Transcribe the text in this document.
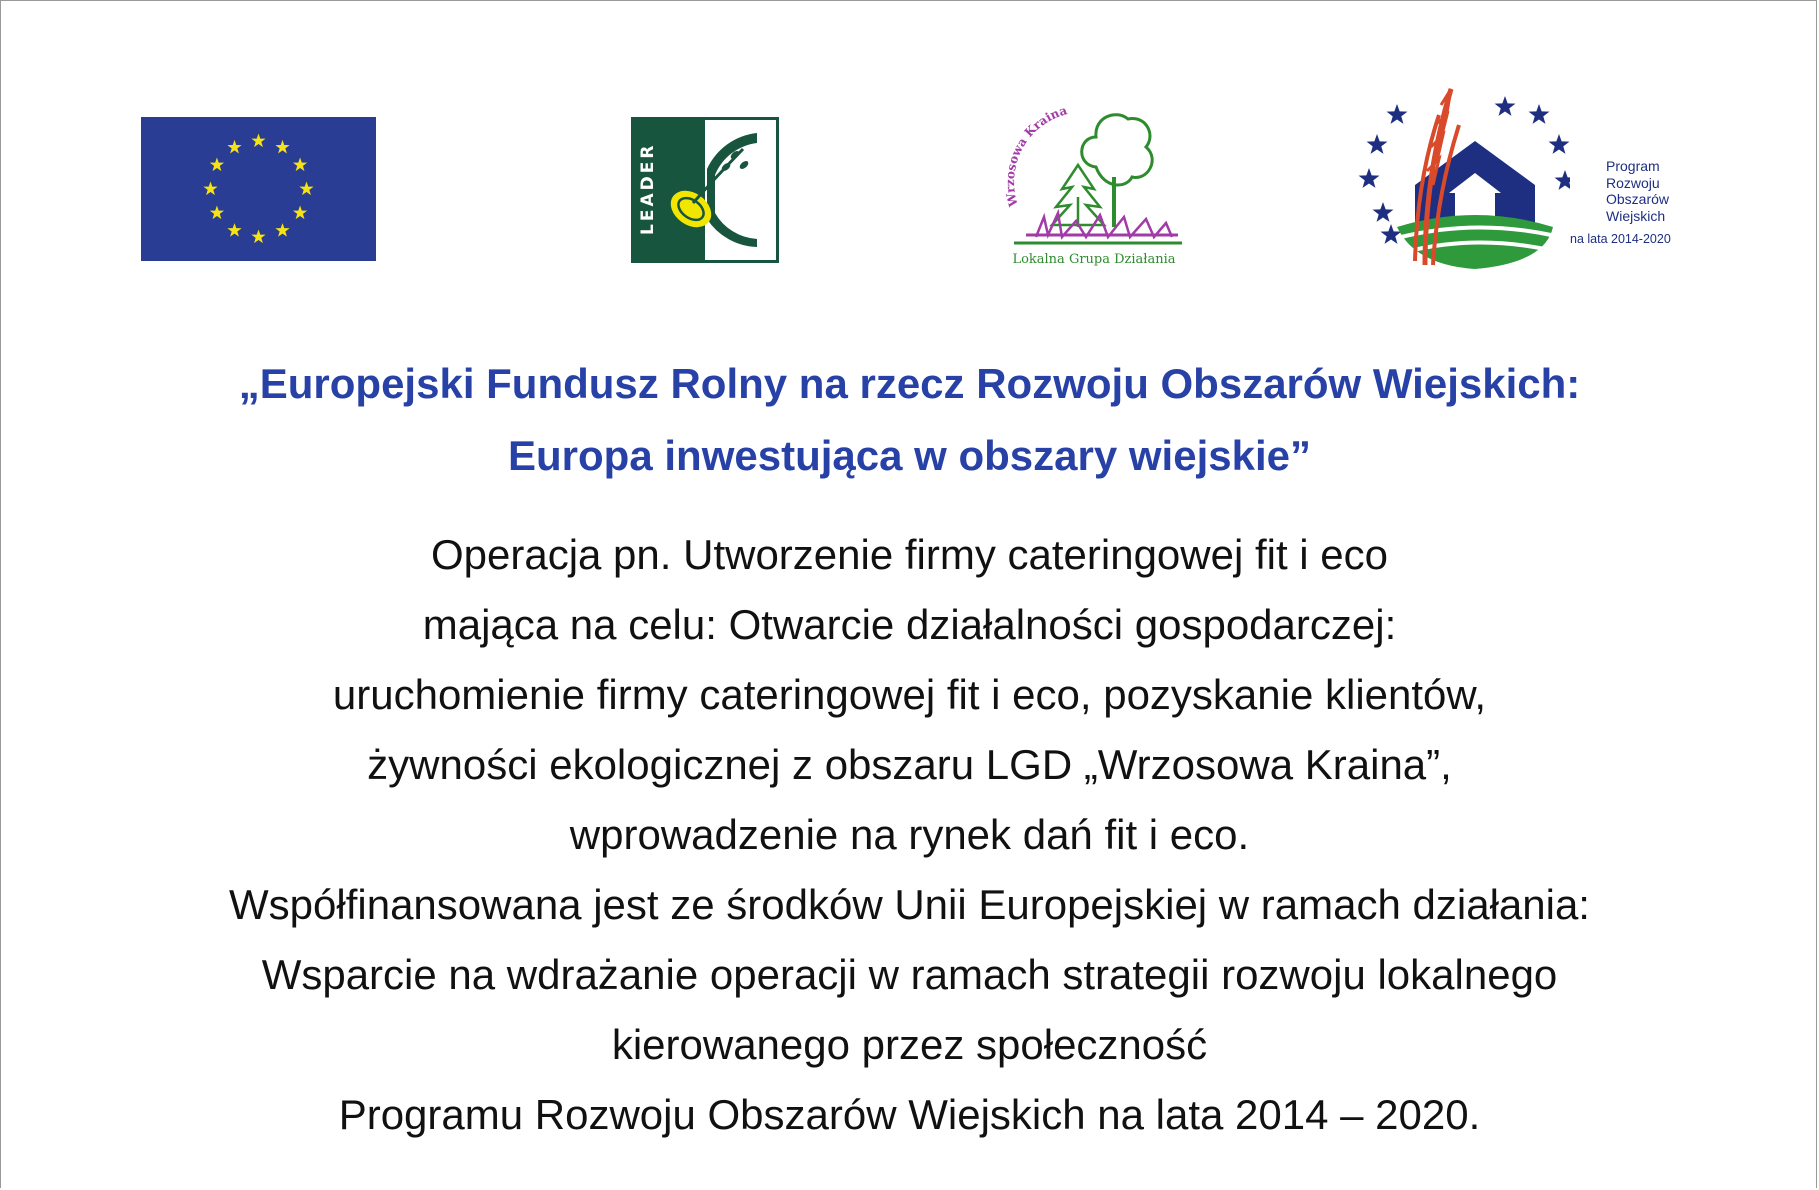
LEADER	Wrzosowa Kraina
Lokalna Grupa Działania
Program
Rozwoju
Obszarów
Wiejskich
na lata 2014-2020
„Europejski Fundusz Rolny na rzecz Rozwoju Obszarów Wiejskich:
Europa inwestująca w obszary wiejskie”
Operacja pn. Utworzenie firmy cateringowej fit i eco
mająca na celu: Otwarcie działalności gospodarczej:
uruchomienie firmy cateringowej fit i eco, pozyskanie klientów,
żywności ekologicznej z obszaru LGD „Wrzosowa Kraina”,
wprowadzenie na rynek dań fit i eco.
Współfinansowana jest ze środków Unii Europejskiej w ramach działania:
Wsparcie na wdrażanie operacji w ramach strategii rozwoju lokalnego
kierowanego przez społeczność
Programu Rozwoju Obszarów Wiejskich na lata 2014 – 2020.
